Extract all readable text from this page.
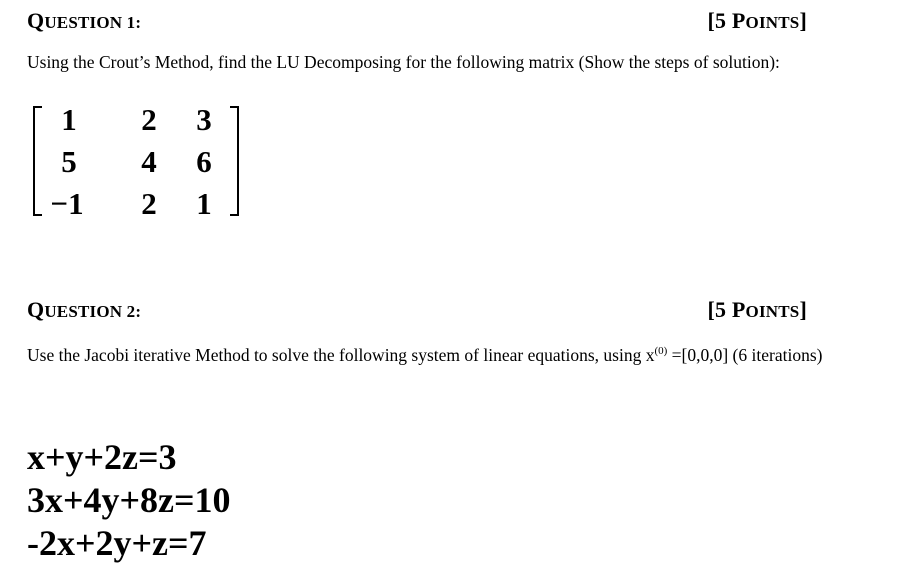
QUESTION 1:	[5 POINTS]
Using the Crout’s Method, find the LU Decomposing for the following matrix (Show the steps of solution):
1	2	3
5	4	6
−1	2	1
QUESTION 2:	[5 POINTS]
Use the Jacobi iterative Method to solve the following system of linear equations, using $x^{(0)} =[0,0,0]$ (6 iterations)
x+y+2z=3
3x+4y+8z=10
-2x+2y+z=7
